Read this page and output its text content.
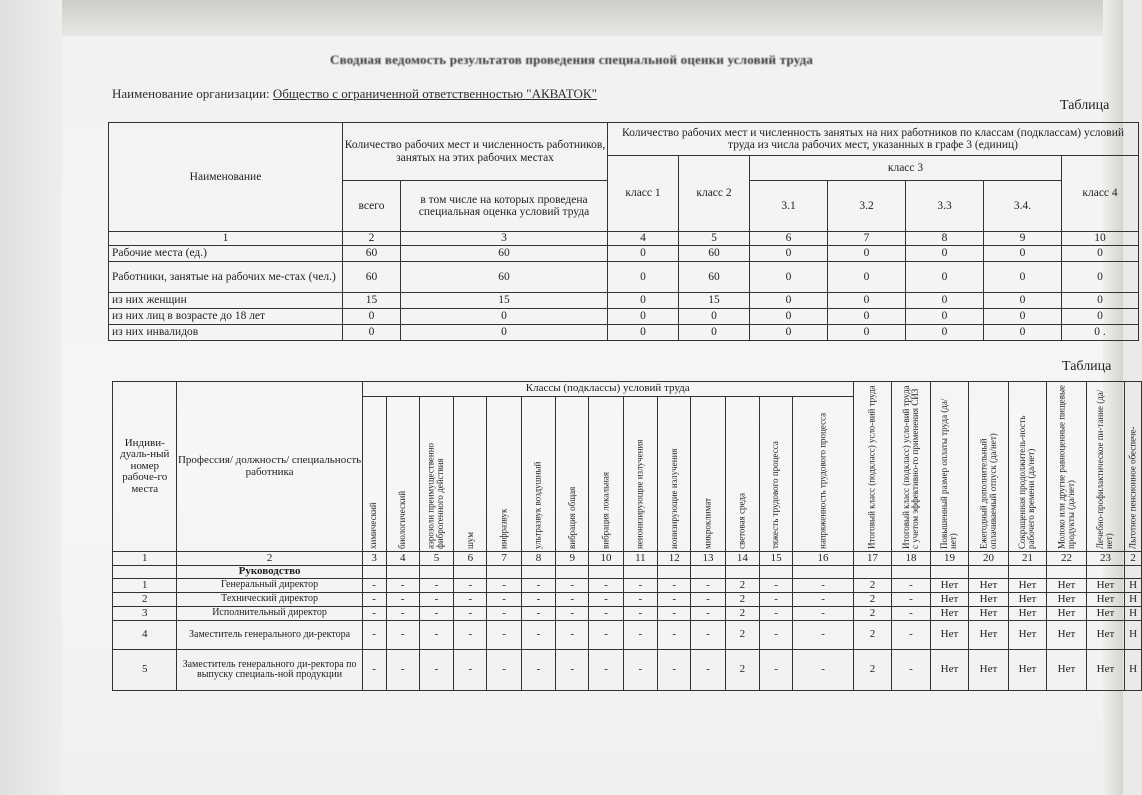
Сводная ведомость результатов проведения специальной оценки условий труда
Наименование организации: Общество с ограниченной ответственностью "АКВАТОК"
Таблица
Наименование	Количество рабочих мест и численность работников, занятых на этих рабочих местах		Количество рабочих мест и численность занятых на них работников по классам (подклассам) условий труда из числа рабочих мест, указанных в графе 3 (единиц)						
			класс 1	класс 2	класс 3				класс 4
	всего	в том числе на которых проведена специальная оценка условий труда			3.1	3.2	3.3	3.4.	
1	2	3	4	5	6	7	8	9	10
Рабочие места (ед.)	60	60	0	60	0	0	0	0	0
Работники, занятые на рабочих ме-стах (чел.)	60	60	0	60	0	0	0	0	0
из них женщин	15	15	0	15	0	0	0	0	0
из них лиц в возрасте до 18 лет	0	0	0	0	0	0	0	0	0
из них инвалидов	0	0	0	0	0	0	0	0	0 .
Таблица
Индиви-дуаль-ный номер рабоче-го места	Профессия/ должность/ специальность работника	Классы (подклассы) условий труда														Итоговый класс (подкласс) усло-вий труда	Итоговый класс (подкласс) усло-вий труда с учетом эффективно-го применения СИЗ	Повышенный размер оплаты труда (да/нет)	Ежегодный дополнительный оплачиваемый отпуск (да/нет)	Сокращенная продолжитель-ность рабочего времени (да/нет)	Молоко или другие равноценные пищевые продукты (да/нет)	Лечебно-профилактическое пи-тание (да/нет)	Льготное пенсионное обеспече-
		химический	биологический	аэрозоли преимущественно фиброгенного действия	шум	инфразвук	ультразвук воздушный	вибрация общая	вибрация локальная	неионизирующие излучения	ионизирующие излучения	микроклимат	световая среда	тяжесть трудового процесса	напряженность трудового процесса								
1	2	3	4	5	6	7	8	9	10	11	12	13	14	15	16	17	18	19	20	21	22	23	2
	Руководство																						
1	Генеральный директор	-	-	-	-	-	-	-	-	-	-	-	2	-	-	2	-	Нет	Нет	Нет	Нет	Нет	Н
2	Технический директор	-	-	-	-	-	-	-	-	-	-	-	2	-	-	2	-	Нет	Нет	Нет	Нет	Нет	Н
3	Исполнительный директор	-	-	-	-	-	-	-	-	-	-	-	2	-	-	2	-	Нет	Нет	Нет	Нет	Нет	Н
4	Заместитель генерального ди-ректора	-	-	-	-	-	-	-	-	-	-	-	2	-	-	2	-	Нет	Нет	Нет	Нет	Нет	Н
5	Заместитель генерального ди-ректора по выпуску специаль-ной продукции	-	-	-	-	-	-	-	-	-	-	-	2	-	-	2	-	Нет	Нет	Нет	Нет	Нет	Н
